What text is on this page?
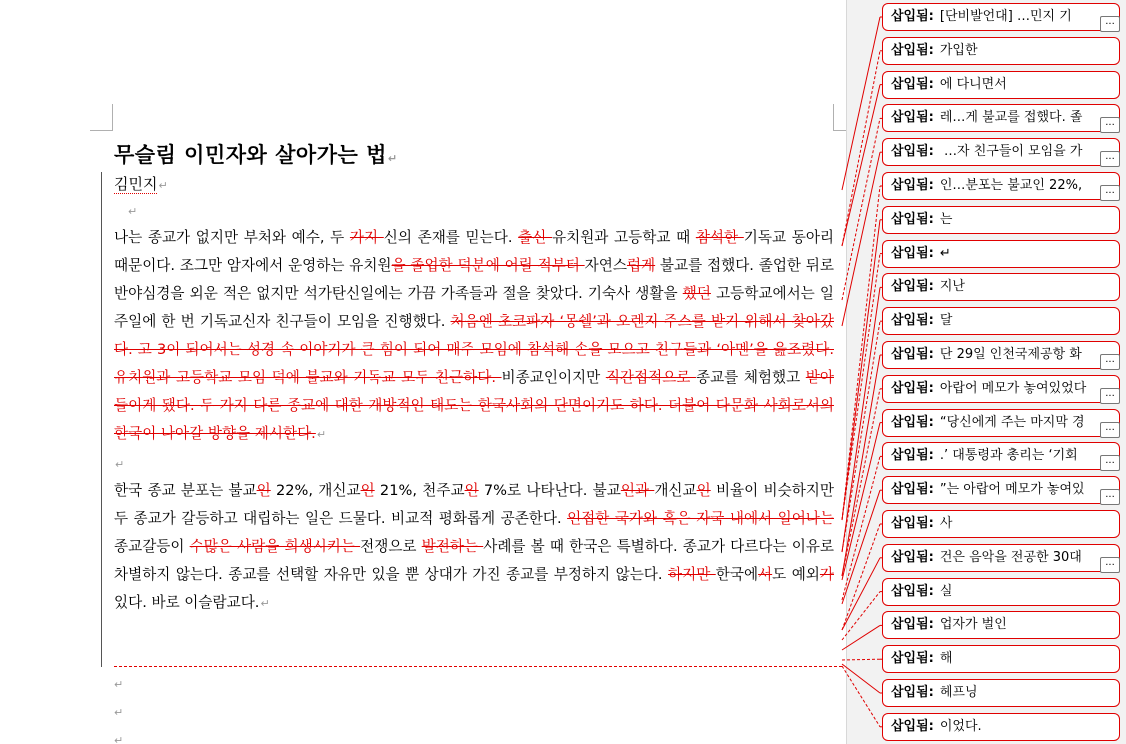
무슬림 이민자와 살아가는 법↵
김민지↵
↵
나는 종교가 없지만 부처와 예수, 두 가지 신의 존재를 믿는다. 출신 유치원과 고등학교 때 참석한 기독교 동아리 때문이다. 조그만 암자에서 운영하는 유치원을 졸업한 덕분에 어릴 적부터 자연스럽게 불교를 접했다. 졸업한 뒤로 반야심경을 외운 적은 없지만 석가탄신일에는 가끔 가족들과 절을 찾았다. 기숙사 생활을 했던 고등학교에서는 일주일에 한 번 기독교신자 친구들이 모임을 진행했다. 처음엔 초코파자 ‘몽쉘’과 오렌지 주스를 받기 위해서 찾아갔다. 고 3이 되어서는 성경 속 이야기가 큰 힘이 되어 매주 모임에 참석해 손을 모으고 친구들과 ‘아멘’을 읊조렸다. 유치원과 고등학교 모임 덕에 불교와 기독교 모두 친근하다. 비종교인이지만 직간접적으로 종교를 체험했고 받아들이게 됐다. 두 가지 다른 종교에 대한 개방적인 태도는 한국사회의 단면이기도 하다. 더불어 다문화 사회로서의 한국이 나아갈 방향을 제시한다.↵
↵
한국 종교 분포는 불교인 22%, 개신교인 21%, 천주교인 7%로 나타난다. 불교인과 개신교인 비율이 비슷하지만 두 종교가 갈등하고 대립하는 일은 드물다. 비교적 평화롭게 공존한다. 인접한 국가와 혹은 자국 내에서 일어나는 종교갈등이 수많은 사람을 희생시키는 전쟁으로 발전하는 사례를 볼 때 한국은 특별하다. 종교가 다르다는 이유로 차별하지 않는다. 종교를 선택할 자유만 있을 뿐 상대가 가진 종교를 부정하지 않는다. 하지만 한국에서도 예외가 있다. 바로 이슬람교다.↵
↵
↵
↵
삽입됨: [단비발언대] …민지 기	...
삽입됨: 가입한
삽입됨: 에 다니면서
삽입됨: 레…게 불교를 접했다. 졸	...
삽입됨: …자 친구들이 모임을 가	...
삽입됨: 인…분포는 불교인 22%,	...
삽입됨: 는
삽입됨: ↵
삽입됨: 지난
삽입됨: 달
삽입됨: 단 29일 인천국제공항 화	...
삽입됨: 아랍어 메모가 놓여있었다	...
삽입됨: “당신에게 주는 마지막 경	...
삽입됨: .’ 대통령과 총리는 ‘기회	...
삽입됨: ”는 아랍어 메모가 놓여있	...
삽입됨: 사
삽입됨: 건은 음악을 전공한 30대	...
삽입됨: 실
삽입됨: 업자가 벌인
삽입됨: 해
삽입됨: 헤프닝
삽입됨: 이었다.
